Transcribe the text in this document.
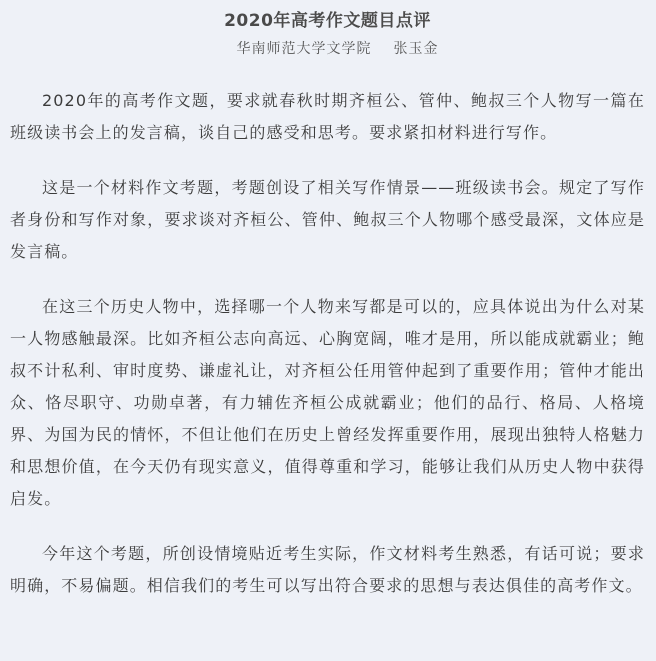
2020年高考作文题目点评

华南师范大学文学院 张玉金

2020年的高考作文题，要求就春秋时期齐桓公、管仲、鲍叔三个人物写一篇在班级读书会上的发言稿，谈自己的感受和思考。要求紧扣材料进行写作。

这是一个材料作文考题，考题创设了相关写作情景——班级读书会。规定了写作者身份和写作对象，要求谈对齐桓公、管仲、鲍叔三个人物哪个感受最深，文体应是发言稿。

在这三个历史人物中，选择哪一个人物来写都是可以的，应具体说出为什么对某一人物感触最深。比如齐桓公志向高远、心胸宽阔，唯才是用，所以能成就霸业；鲍叔不计私利、审时度势、谦虚礼让，对齐桓公任用管仲起到了重要作用；管仲才能出众、恪尽职守、功勋卓著，有力辅佐齐桓公成就霸业；他们的品行、格局、人格境界、为国为民的情怀，不但让他们在历史上曾经发挥重要作用，展现出独特人格魅力和思想价值，在今天仍有现实意义，值得尊重和学习，能够让我们从历史人物中获得启发。

今年这个考题，所创设情境贴近考生实际，作文材料考生熟悉，有话可说；要求明确，不易偏题。相信我们的考生可以写出符合要求的思想与表达俱佳的高考作文。
